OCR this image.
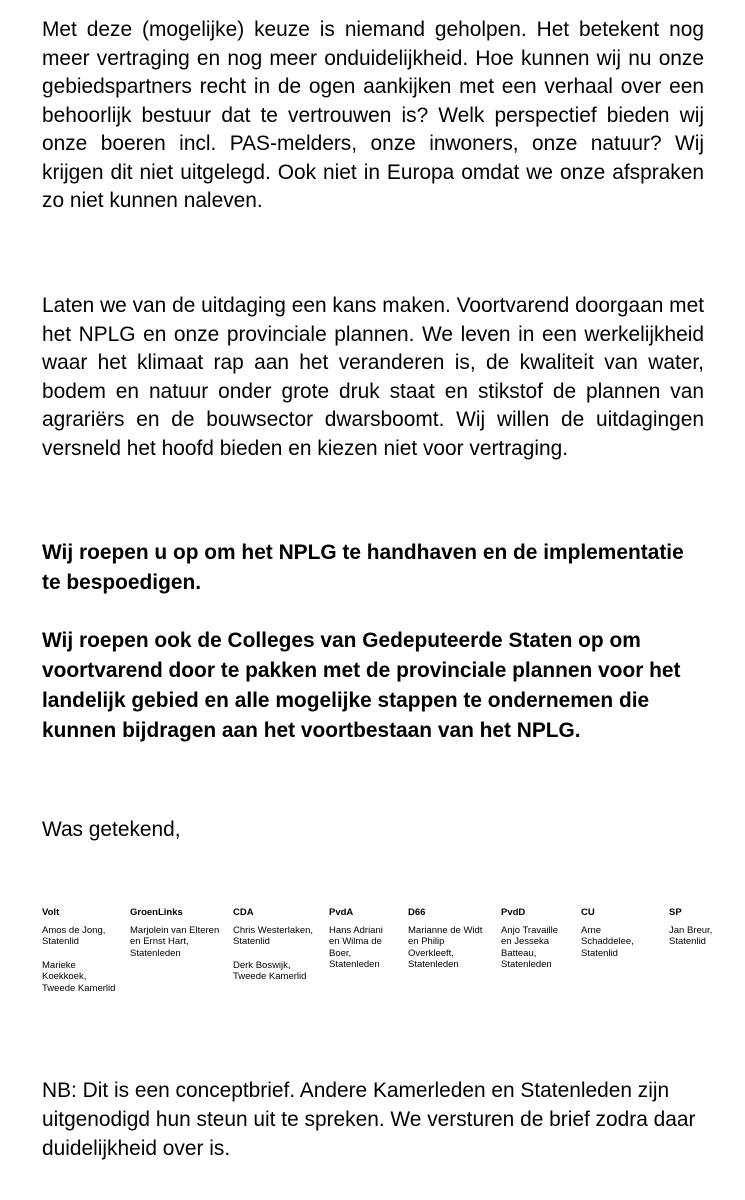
Met deze (mogelijke) keuze is niemand geholpen. Het betekent nog meer vertraging en nog meer onduidelijkheid. Hoe kunnen wij nu onze gebiedspartners recht in de ogen aankijken met een verhaal over een behoorlijk bestuur dat te vertrouwen is? Welk perspectief bieden wij onze boeren incl. PAS-melders, onze inwoners, onze natuur? Wij krijgen dit niet uitgelegd. Ook niet in Europa omdat we onze afspraken zo niet kunnen naleven.

Laten we van de uitdaging een kans maken. Voortvarend doorgaan met het NPLG en onze provinciale plannen. We leven in een werkelijkheid waar het klimaat rap aan het veranderen is, de kwaliteit van water, bodem en natuur onder grote druk staat en stikstof de plannen van agrariërs en de bouwsector dwarsboomt. Wij willen de uitdagingen versneld het hoofd bieden en kiezen niet voor vertraging.

Wij roepen u op om het NPLG te handhaven en de implementatie te bespoedigen.

Wij roepen ook de Colleges van Gedeputeerde Staten op om voortvarend door te pakken met de provinciale plannen voor het landelijk gebied en alle mogelijke stappen te ondernemen die kunnen bijdragen aan het voortbestaan van het NPLG.

Was getekend,

Volt
Amos de Jong,
Statenlid
Marieke
Koekkoek,
Tweede Kamerlid
GroenLinks
Marjolein van Elteren
en Ernst Hart,
Statenleden
CDA
Chris Westerlaken,
Statenlid
Derk Boswijk,
Tweede Kamerlid
PvdA
Hans Adriani
en Wilma de
Boer,
Statenleden
D66
Marianne de Widt
en Philip
Overkleeft,
Statenleden
PvdD
Anjo Travaille
en Jesseka
Batteau,
Statenleden
CU
Arne
Schaddelee,
Statenlid
SP
Jan Breur,
Statenlid

NB: Dit is een conceptbrief. Andere Kamerleden en Statenleden zijn uitgenodigd hun steun uit te spreken. We versturen de brief zodra daar duidelijkheid over is.
